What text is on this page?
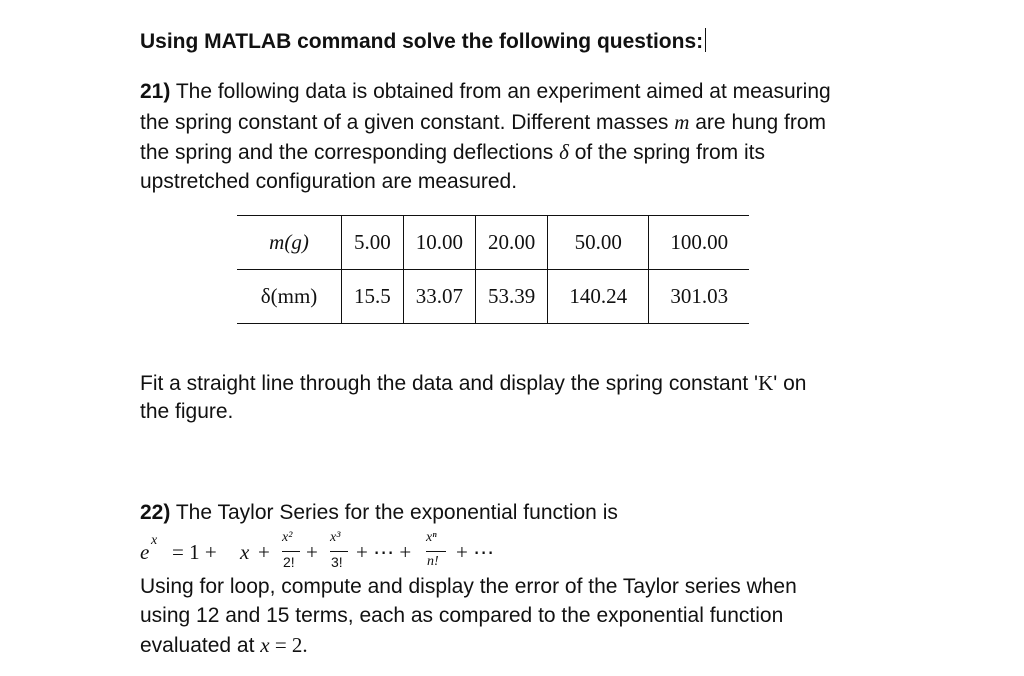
Using MATLAB command solve the following questions:
21) The following data is obtained from an experiment aimed at measuring
the spring constant of a given constant. Different masses m are hung from
the spring and the corresponding deflections δ of the spring from its
upstretched configuration are measured.
m(g)	5.00	10.00	20.00	50.00	100.00
δ(mm)	15.5	33.07	53.39	140.24	301.03
Fit a straight line through the data and display the spring constant 'K' on
the figure.
22) The Taylor Series for the exponential function is
e x = 1 + x +
x²
2! +
x³
3! + ⋯ +
xⁿ
n! + ⋯
Using for loop, compute and display the error of the Taylor series when
using 12 and 15 terms, each as compared to the exponential function
evaluated at x = 2.
